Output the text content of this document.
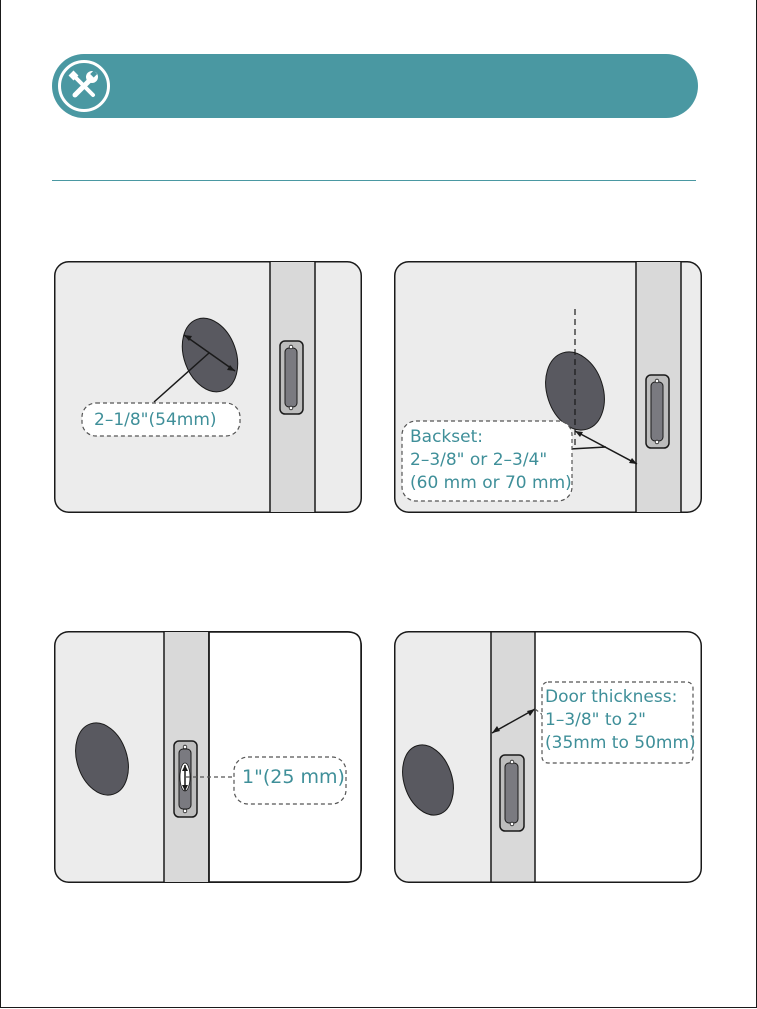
2–1/8"(54mm)
Backset:
2–3/8" or 2–3/4"
(60 mm or 70 mm)
1"(25 mm)
Door thickness:
1–3/8" to 2"
(35mm to 50mm)
